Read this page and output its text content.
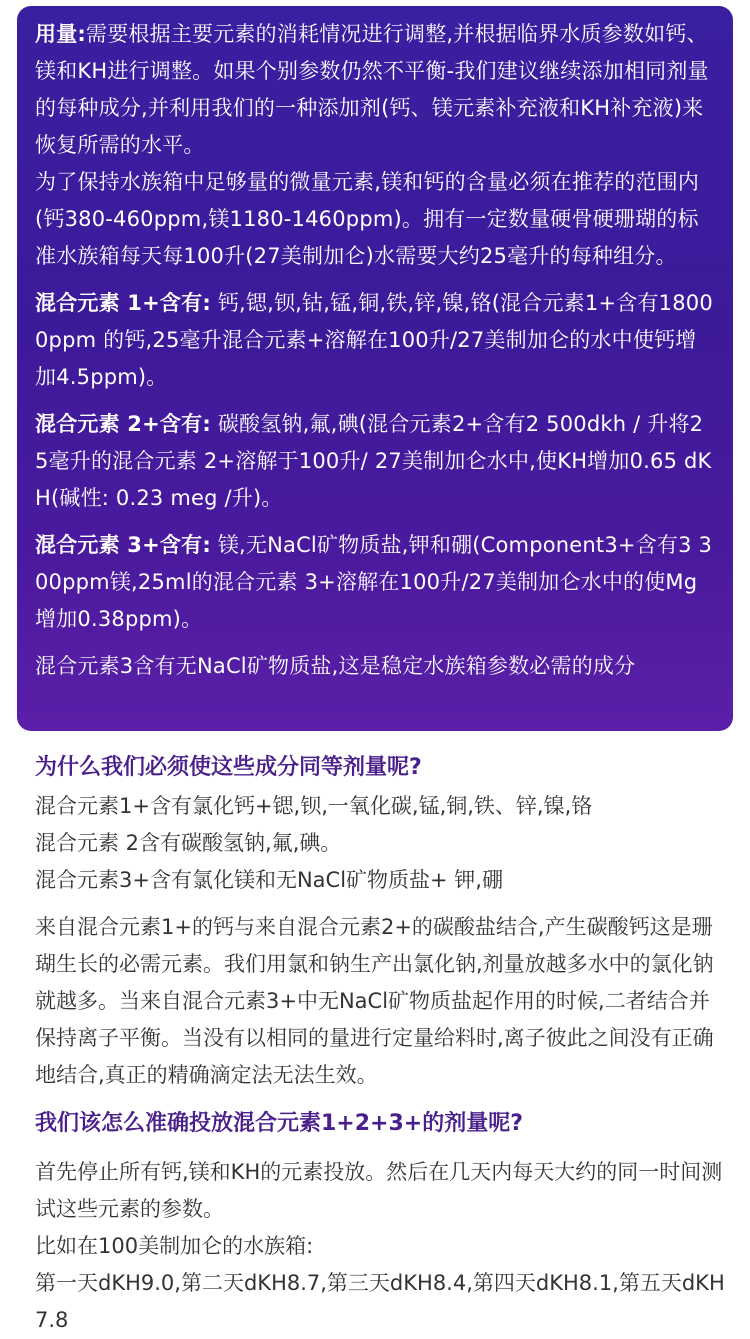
用量:需要根据主要元素的消耗情况进行调整,并根据临界水质参数如钙、镁和KH进行调整。如果个别参数仍然不平衡-我们建议继续添加相同剂量的每种成分,并利用我们的一种添加剂(钙、镁元素补充液和KH补充液)来恢复所需的水平。

为了保持水族箱中足够量的微量元素,镁和钙的含量必须在推荐的范围内(钙380-460ppm,镁1180-1460ppm)。拥有一定数量硬骨硬珊瑚的标准水族箱每天每100升(27美制加仑)水需要大约25毫升的每种组分。

混合元素 1+含有: 钙,锶,钡,钴,锰,铜,铁,锌,镍,铬(混合元素1+含有18000ppm 的钙,25毫升混合元素+溶解在100升/27美制加仑的水中使钙增加4.5ppm)。

混合元素 2+含有: 碳酸氢钠,氟,碘(混合元素2+含有2 500dkh / 升将25毫升的混合元素 2+溶解于100升/ 27美制加仑水中,使KH增加0.65 dKH(碱性: 0.23 meg /升)。

混合元素 3+含有: 镁,无NaCl矿物质盐,钾和硼(Component3+含有3 300ppm镁,25ml的混合元素 3+溶解在100升/27美制加仑水中的使Mg增加0.38ppm)。

混合元素3含有无NaCl矿物质盐,这是稳定水族箱参数必需的成分

为什么我们必须使这些成分同等剂量呢?

混合元素1+含有氯化钙+锶,钡,一氧化碳,锰,铜,铁、锌,镍,铬

混合元素 2含有碳酸氢钠,氟,碘。

混合元素3+含有氯化镁和无NaCl矿物质盐+ 钾,硼

来自混合元素1+的钙与来自混合元素2+的碳酸盐结合,产生碳酸钙这是珊瑚生长的必需元素。我们用氯和钠生产出氯化钠,剂量放越多水中的氯化钠就越多。当来自混合元素3+中无NaCl矿物质盐起作用的时候,二者结合并保持离子平衡。当没有以相同的量进行定量给料时,离子彼此之间没有正确地结合,真正的精确滴定法无法生效。

我们该怎么准确投放混合元素1+2+3+的剂量呢?

首先停止所有钙,镁和KH的元素投放。然后在几天内每天大约的同一时间测试这些元素的参数。

比如在100美制加仑的水族箱:

第一天dKH9.0,第二天dKH8.7,第三天dKH8.4,第四天dKH8.1,第五天dKH7.8
